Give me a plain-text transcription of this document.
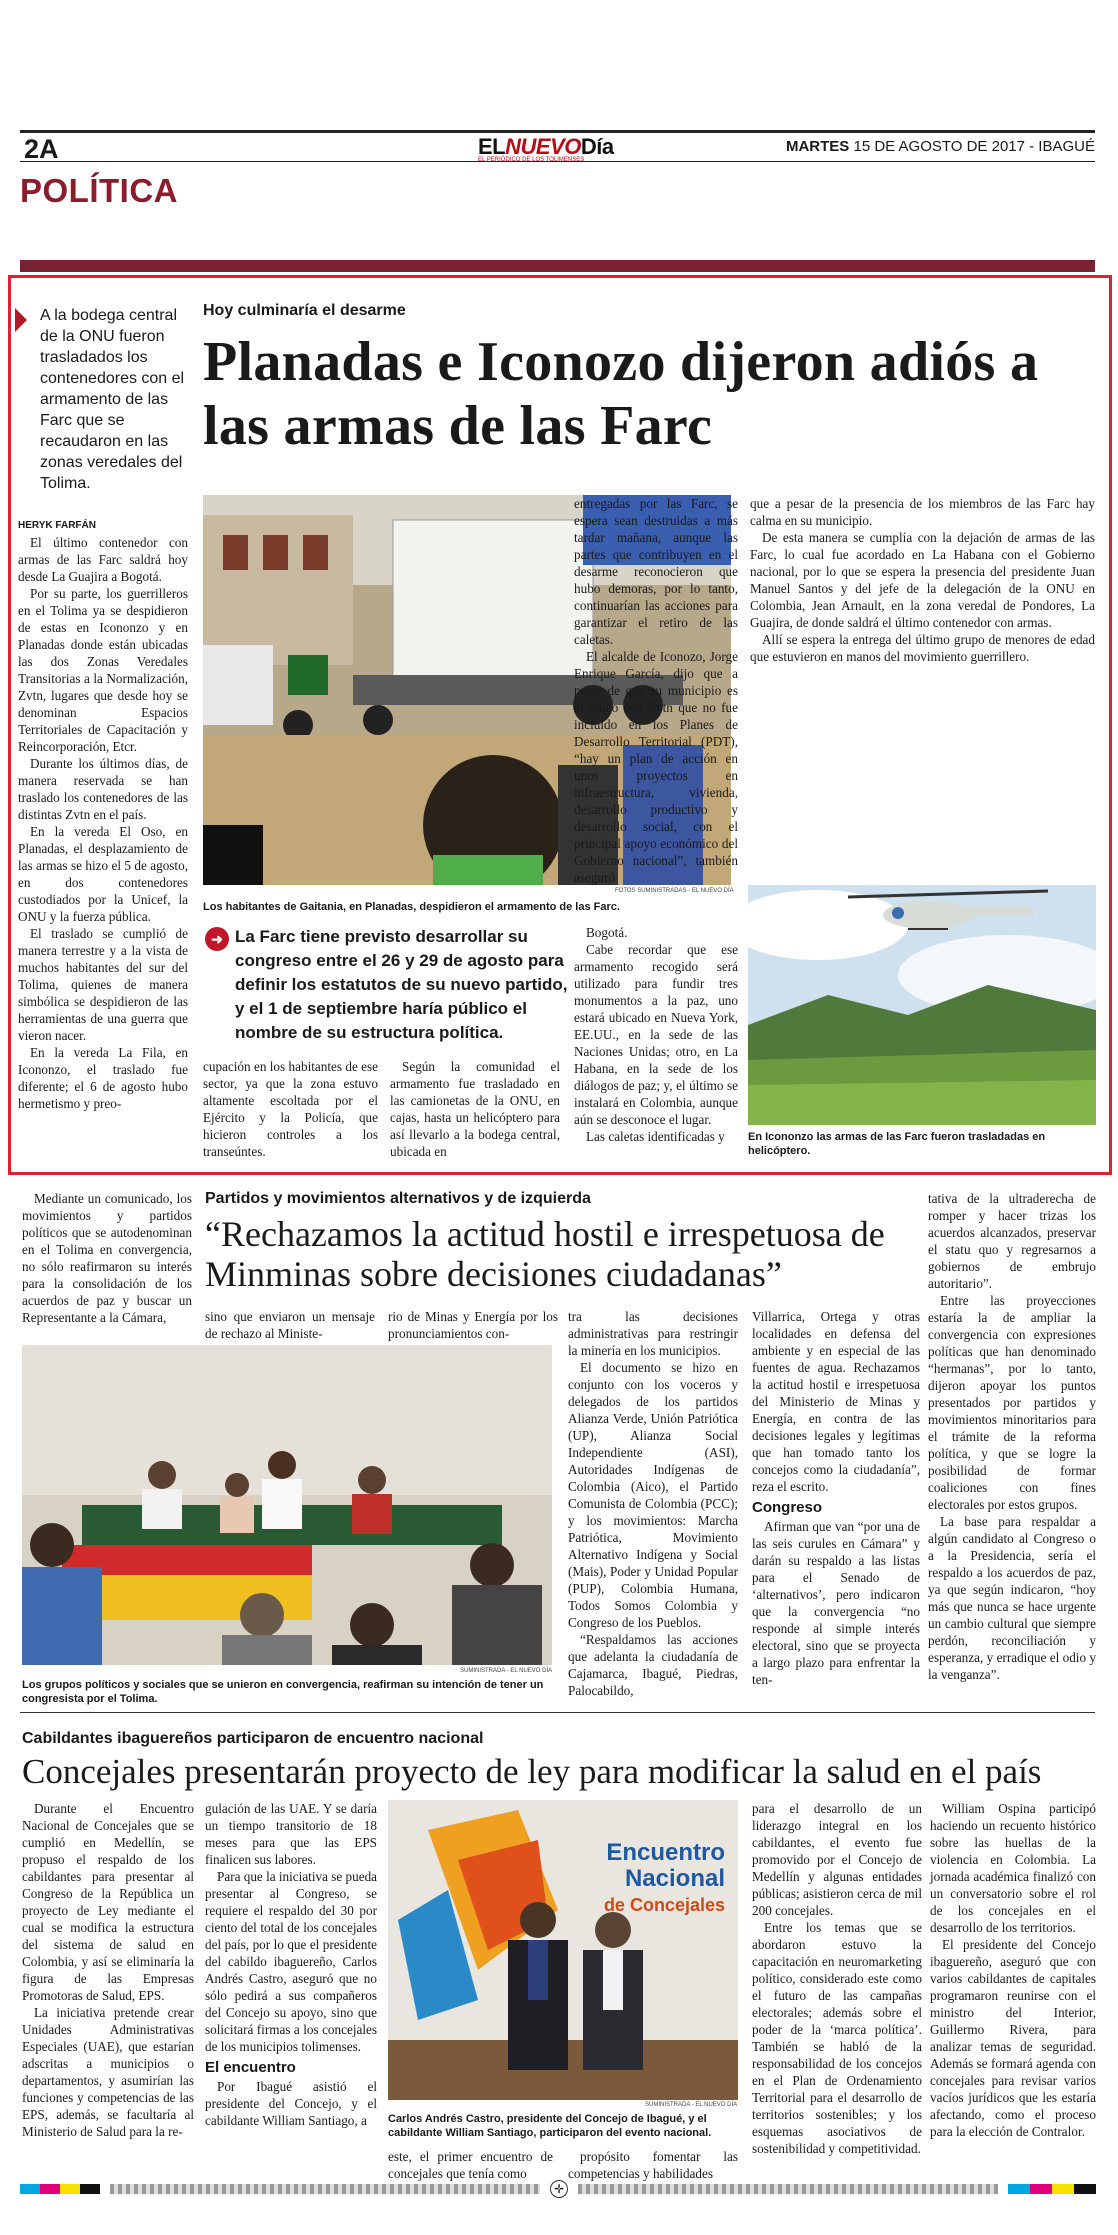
2A	ELNUEVODía
EL PERIÓDICO DE LOS TOLIMENSES
MARTES 15 DE AGOSTO DE 2017 - IBAGUÉ
POLÍTICA
A la bodega central de la ONU fueron trasladados los contenedores con el armamento de las Farc que se recaudaron en las zonas veredales del Tolima.
Hoy culminaría el desarme
Planadas e Iconozo dijeron adiós a las armas de las Farc
HERYK FARFÁN

El último contenedor con armas de las Farc saldrá hoy desde La Guajira a Bogotá.

Por su parte, los guerrilleros en el Tolima ya se despidieron de estas en Icononzo y en Planadas donde están ubicadas las dos Zonas Veredales Transitorias a la Normalización, Zvtn, lugares que desde hoy se denominan Espacios Territoriales de Capacitación y Reincorporación, Etcr.

Durante los últimos días, de manera reservada se han traslado los contenedores de las distintas Zvtn en el país.

En la vereda El Oso, en Planadas, el desplazamiento de las armas se hizo el 5 de agosto, en dos contenedores custodiados por la Unicef, la ONU y la fuerza pública.

El traslado se cumplió de manera terrestre y a la vista de muchos habitantes del sur del Tolima, quienes de manera simbólica se despidieron de las herramientas de una guerra que vieron nacer.

En la vereda La Fila, en Icononzo, el traslado fue diferente; el 6 de agosto hubo hermetismo y preo-

FOTOS SUMINISTRADAS - EL NUEVO DÍA
Los habitantes de Gaitania, en Planadas, despidieron el armamento de las Farc.
➜ La Farc tiene previsto desarrollar su congreso entre el 26 y 29 de agosto para definir los estatutos de su nuevo partido, y el 1 de septiembre haría público el nombre de su estructura política.

cupación en los habitantes de ese sector, ya que la zona estuvo altamente escoltada por el Ejército y la Policía, que hicieron controles a los transeúntes.

Según la comunidad el armamento fue trasladado en las camionetas de la ONU, en cajas, hasta un helicóptero para así llevarlo a la bodega central, ubicada en

entregadas por las Farc, se espera sean destruidas a más tardar mañana, aunque las partes que contribuyen en el desarme reconocieron que hubo demoras, por lo tanto, continuarían las acciones para garantizar el retiro de las caletas.

El alcalde de Iconozo, Jorge Enrique García, dijo que a pesar de que su municipio es el único con Zvtn que no fue incluido en los Planes de Desarrollo Territorial (PDT), “hay un plan de acción en unos proyectos en infraestructura, vivienda, desarrollo productivo y desarrollo social, con el principal apoyo económico del Gobierno nacional”, también aseguró

Bogotá.

Cabe recordar que ese armamento recogido será utilizado para fundir tres monumentos a la paz, uno estará ubicado en Nueva York, EE.UU., en la sede de las Naciones Unidas; otro, en La Habana, en la sede de los diálogos de paz; y, el último se instalará en Colombia, aunque aún se desconoce el lugar.

Las caletas identificadas y

que a pesar de la presencia de los miembros de las Farc hay calma en su municipio.

De esta manera se cumplía con la dejación de armas de las Farc, lo cual fue acordado en La Habana con el Gobierno nacional, por lo que se espera la presencia del presidente Juan Manuel Santos y del jefe de la delegación de la ONU en Colombia, Jean Arnault, en la zona veredal de Pondores, La Guajira, de donde saldrá el último contenedor con armas.

Allí se espera la entrega del último grupo de menores de edad que estuvieron en manos del movimiento guerrillero.

En Icononzo las armas de las Farc fueron trasladadas en helicóptero.

Mediante un comunicado, los movimientos y partidos políticos que se autodenominan en el Tolima en convergencia, no sólo reafirmaron su interés para la consolidación de los acuerdos de paz y buscar un Representante a la Cámara,

Partidos y movimientos alternativos y de izquierda
“Rechazamos la actitud hostil e irrespetuosa de Minminas sobre decisiones ciudadanas”

sino que enviaron un mensaje de rechazo al Ministe-

rio de Minas y Energía por los pronunciamientos con-

SUMINISTRADA - EL NUEVO DÍA
Los grupos políticos y sociales que se unieron en convergencia, reafirman su intención de tener un congresista por el Tolima.

tra las decisiones administrativas para restringir la minería en los municipios.

El documento se hizo en conjunto con los voceros y delegados de los partidos Alianza Verde, Unión Patriótica (UP), Alianza Social Independiente (ASI), Autoridades Indígenas de Colombia (Aico), el Partido Comunista de Colombia (PCC); y los movimientos: Marcha Patriótica, Movimiento Alternativo Indígena y Social (Mais), Poder y Unidad Popular (PUP), Colombia Humana, Todos Somos Colombia y Congreso de los Pueblos.

“Respaldamos las acciones que adelanta la ciudadanía de Cajamarca, Ibagué, Piedras, Palocabildo,

Villarrica, Ortega y otras localidades en defensa del ambiente y en especial de las fuentes de agua. Rechazamos la actitud hostil e irrespetuosa del Ministerio de Minas y Energía, en contra de las decisiones legales y legítimas que han tomado tanto los concejos como la ciudadanía”, reza el escrito.

Congreso

Afirman que van “por una de las seis curules en Cámara” y darán su respaldo a las listas para el Senado de ‘alternativos’, pero indicaron que la convergencia “no responde al simple interés electoral, sino que se proyecta a largo plazo para enfrentar la ten-

tativa de la ultraderecha de romper y hacer trizas los acuerdos alcanzados, preservar el statu quo y regresarnos a gobiernos de embrujo autoritario”.

Entre las proyecciones estaría la de ampliar la convergencia con expresiones políticas que han denominado “hermanas”, por lo tanto, dijeron apoyar los puntos presentados por partidos y movimientos minoritarios para el trámite de la reforma política, y que se logre la posibilidad de formar coaliciones con fines electorales por estos grupos.

La base para respaldar a algún candidato al Congreso o a la Presidencia, sería el respaldo a los acuerdos de paz, ya que según indicaron, “hoy más que nunca se hace urgente un cambio cultural que siempre perdón, reconciliación y esperanza, y erradique el odio y la venganza”.

Cabildantes ibaguereños participaron de encuentro nacional
Concejales presentarán proyecto de ley para modificar la salud en el país

Durante el Encuentro Nacional de Concejales que se cumplió en Medellín, se propuso el respaldo de los cabildantes para presentar al Congreso de la República un proyecto de Ley mediante el cual se modifica la estructura del sistema de salud en Colombia, y así se eliminaría la figura de las Empresas Promotoras de Salud, EPS.

La iniciativa pretende crear Unidades Administrativas Especiales (UAE), que estarían adscritas a municipios o departamentos, y asumirían las funciones y competencias de las EPS, además, se facultaría al Ministerio de Salud para la re-

gulación de las UAE. Y se daría un tiempo transitorio de 18 meses para que las EPS finalicen sus labores.

Para que la iniciativa se pueda presentar al Congreso, se requiere el respaldo del 30 por ciento del total de los concejales del país, por lo que el presidente del cabildo ibaguereño, Carlos Andrés Castro, aseguró que no sólo pedirá a sus compañeros del Concejo su apoyo, sino que solicitará firmas a los concejales de los municipios tolimenses.

El encuentro

Por Ibagué asistió el presidente del Concejo, y el cabildante William Santiago, a

Encuentro
Nacional
de Concejales
SUMINISTRADA - EL NUEVO DÍA
Carlos Andrés Castro, presidente del Concejo de Ibagué, y el cabildante William Santiago, participaron del evento nacional.

este, el primer encuentro de concejales que tenía como

propósito fomentar las competencias y habilidades

para el desarrollo de un liderazgo integral en los cabildantes, el evento fue promovido por el Concejo de Medellín y algunas entidades públicas; asistieron cerca de mil 200 concejales.

Entre los temas que se abordaron estuvo la capacitación en neuromarketing político, considerado este como el futuro de las campañas electorales; además sobre el poder de la ‘marca política’. También se habló de la responsabilidad de los concejos en el Plan de Ordenamiento Territorial para el desarrollo de territorios sostenibles; y los esquemas asociativos de sostenibilidad y competitividad.

William Ospina participó haciendo un recuento histórico sobre las huellas de la violencia en Colombia. La jornada académica finalizó con un conversatorio sobre el rol de los concejales en el desarrollo de los territorios.

El presidente del Concejo ibaguereño, aseguró que con varios cabildantes de capitales programaron reunirse con el ministro del Interior, Guillermo Rivera, para analizar temas de seguridad. Además se formará agenda con concejales para revisar varios vacíos jurídicos que les estaría afectando, como el proceso para la elección de Contralor.

✛
